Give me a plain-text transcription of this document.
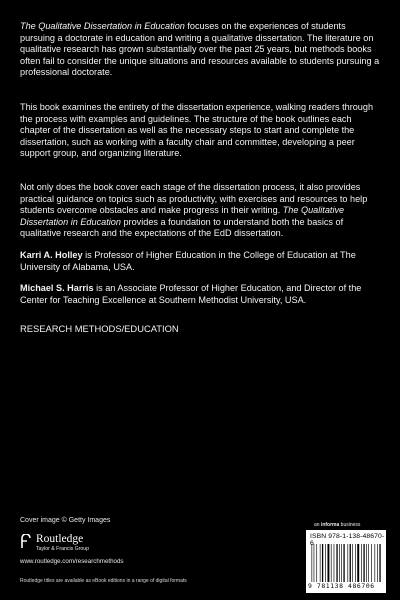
The Qualitative Dissertation in Education focuses on the experiences of students pursuing a doctorate in education and writing a qualitative dissertation. The literature on qualitative research has grown substantially over the past 25 years, but methods books often fail to consider the unique situations and resources available to students pursuing a professional doctorate.

This book examines the entirety of the dissertation experience, walking readers through the process with examples and guidelines. The structure of the book outlines each chapter of the dissertation as well as the necessary steps to start and complete the dissertation, such as working with a faculty chair and committee, developing a peer support group, and organizing literature.

Not only does the book cover each stage of the dissertation process, it also provides practical guidance on topics such as productivity, with exercises and resources to help students overcome obstacles and make progress in their writing. The Qualitative Dissertation in Education provides a foundation to understand both the basics of qualitative research and the expectations of the EdD dissertation.

Karri A. Holley is Professor of Higher Education in the College of Education at The University of Alabama, USA.

Michael S. Harris is an Associate Professor of Higher Education, and Director of the Center for Teaching Excellence at Southern Methodist University, USA.

RESEARCH METHODS/EDUCATION
Cover image © Getty Images
an informa business
Routledge
Taylor & Francis Group
www.routledge.com/researchmethods
Routledge titles are available as eBook editions in a range of digital formats
ISBN 978-1-138-48670-6
9 781138 486706
